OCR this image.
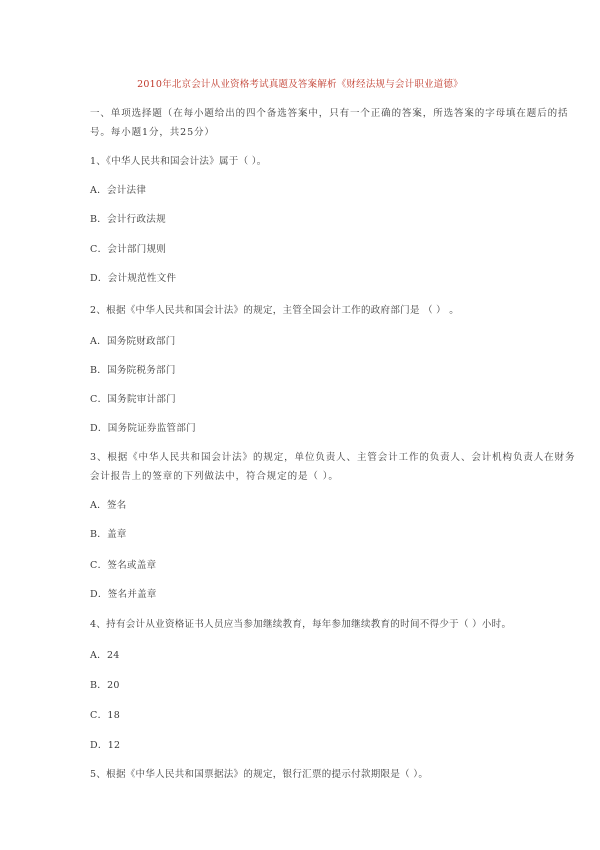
2010年北京会计从业资格考试真题及答案解析《财经法规与会计职业道德》
一、单项选择题（在每小题给出的四个备选答案中，只有一个正确的答案，所选答案的字母填在题后的括
号。每小题1分，共25分）
1、《中华人民共和国会计法》属于（ ）。
A．会计法律
B．会计行政法规
C．会计部门规则
D．会计规范性文件
2、根据《中华人民共和国会计法》的规定，主管全国会计工作的政府部门是 （ ） 。
A．国务院财政部门
B．国务院税务部门
C．国务院审计部门
D．国务院证券监管部门
3、根据《中华人民共和国会计法》的规定，单位负责人、主管会计工作的负责人、会计机构负责人在财务
会计报告上的签章的下列做法中，符合规定的是（ ）。
A．签名
B．盖章
C．签名或盖章
D．签名并盖章
4、持有会计从业资格证书人员应当参加继续教育，每年参加继续教育的时间不得少于（ ）小时。
A．24
B．20
C．18
D．12
5、根据《中华人民共和国票据法》的规定，银行汇票的提示付款期限是（ ）。
